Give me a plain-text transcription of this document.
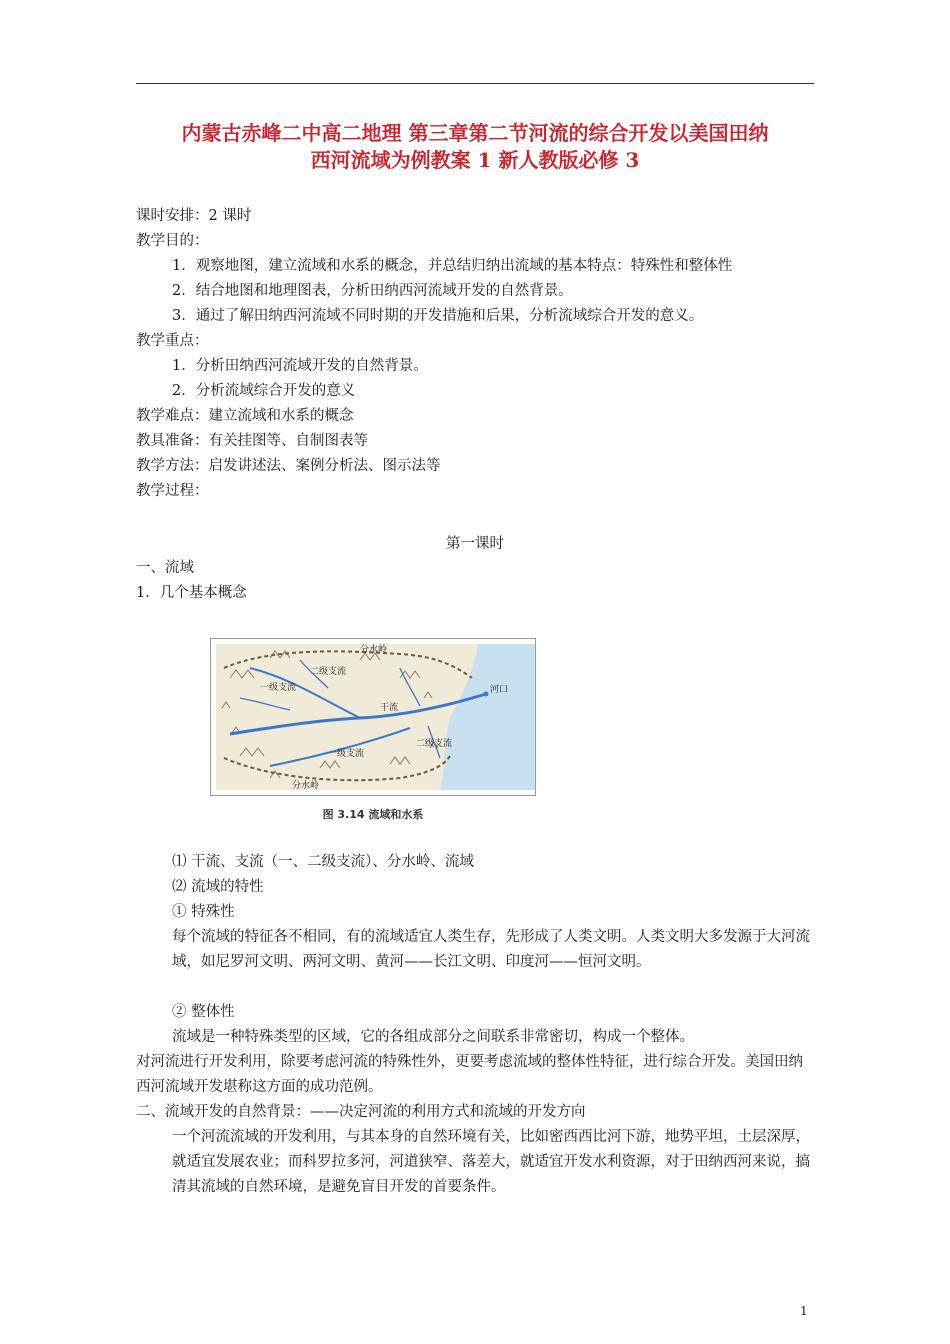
内蒙古赤峰二中高二地理 第三章第二节河流的综合开发以美国田纳
西河流域为例教案 1 新人教版必修 3
课时安排：2 课时
教学目的：
1．观察地图，建立流域和水系的概念，并总结归纳出流域的基本特点：特殊性和整体性
2．结合地图和地理图表，分析田纳西河流域开发的自然背景。
3．通过了解田纳西河流域不同时期的开发措施和后果，分析流域综合开发的意义。
教学重点：
1．分析田纳西河流域开发的自然背景。
2．分析流域综合开发的意义
教学难点：建立流域和水系的概念
教具准备：有关挂图等、自制图表等
教学方法：启发讲述法、案例分析法、图示法等
教学过程：
第一课时
一、流域
1．几个基本概念
分水岭
分水岭
河口
干流
一级支流
一级支流
二级支流
二级支流
图 3.14 流域和水系
⑴ 干流、支流（一、二级支流）、分水岭、流域
⑵ 流域的特性
① 特殊性
每个流域的特征各不相同，有的流域适宜人类生存，先形成了人类文明。人类文明大多发源于大河流域，如尼罗河文明、两河文明、黄河——长江文明、印度河——恒河文明。
② 整体性
流域是一种特殊类型的区域，它的各组成部分之间联系非常密切，构成一个整体。
对河流进行开发利用，除要考虑河流的特殊性外，更要考虑流域的整体性特征，进行综合开发。美国田纳西河流域开发堪称这方面的成功范例。
二、流域开发的自然背景：——决定河流的利用方式和流域的开发方向
一个河流流域的开发利用，与其本身的自然环境有关，比如密西西比河下游，地势平坦，土层深厚，就适宜发展农业；而科罗拉多河，河道狭窄、落差大，就适宜开发水利资源，对于田纳西河来说，搞清其流域的自然环境，是避免盲目开发的首要条件。
1
